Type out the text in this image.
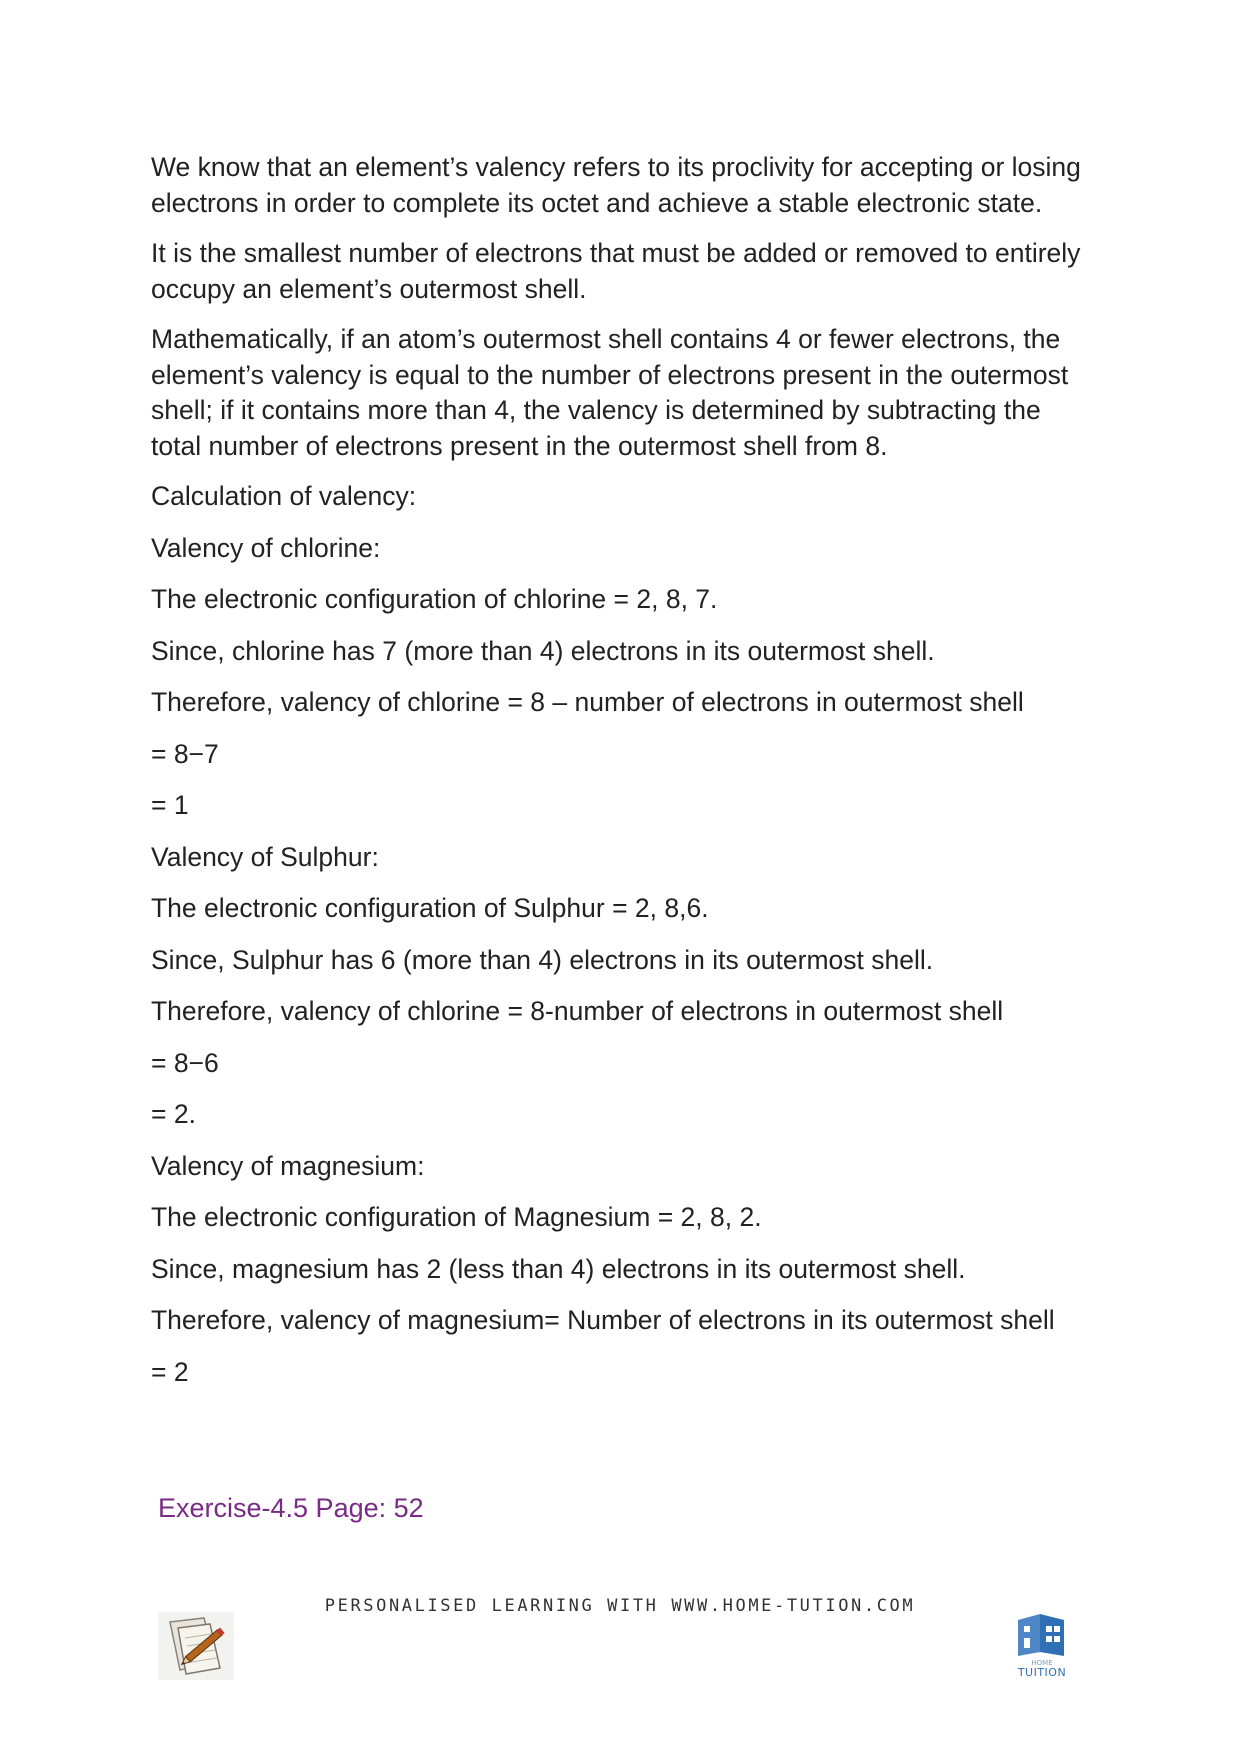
We know that an element’s valency refers to its proclivity for accepting or losing electrons in order to complete its octet and achieve a stable electronic state.

It is the smallest number of electrons that must be added or removed to entirely occupy an element’s outermost shell.

Mathematically, if an atom’s outermost shell contains 4 or fewer electrons, the element’s valency is equal to the number of electrons present in the outermost shell; if it contains more than 4, the valency is determined by subtracting the total number of electrons present in the outermost shell from 8.

Calculation of valency:

Valency of chlorine:

The electronic configuration of chlorine = 2, 8, 7.

Since, chlorine has 7 (more than 4) electrons in its outermost shell.

Therefore, valency of chlorine = 8 – number of electrons in outermost shell

= 8−7

= 1

Valency of Sulphur:

The electronic configuration of Sulphur = 2, 8,6.

Since, Sulphur has 6 (more than 4) electrons in its outermost shell.

Therefore, valency of chlorine = 8-number of electrons in outermost shell

= 8−6

= 2.

Valency of magnesium:

The electronic configuration of Magnesium = 2, 8, 2.

Since, magnesium has 2 (less than 4) electrons in its outermost shell.

Therefore, valency of magnesium= Number of electrons in its outermost shell

= 2

Exercise-4.5 Page: 52
PERSONALISED LEARNING WITH WWW.HOME-TUTION.COM
HOME
TUITION
